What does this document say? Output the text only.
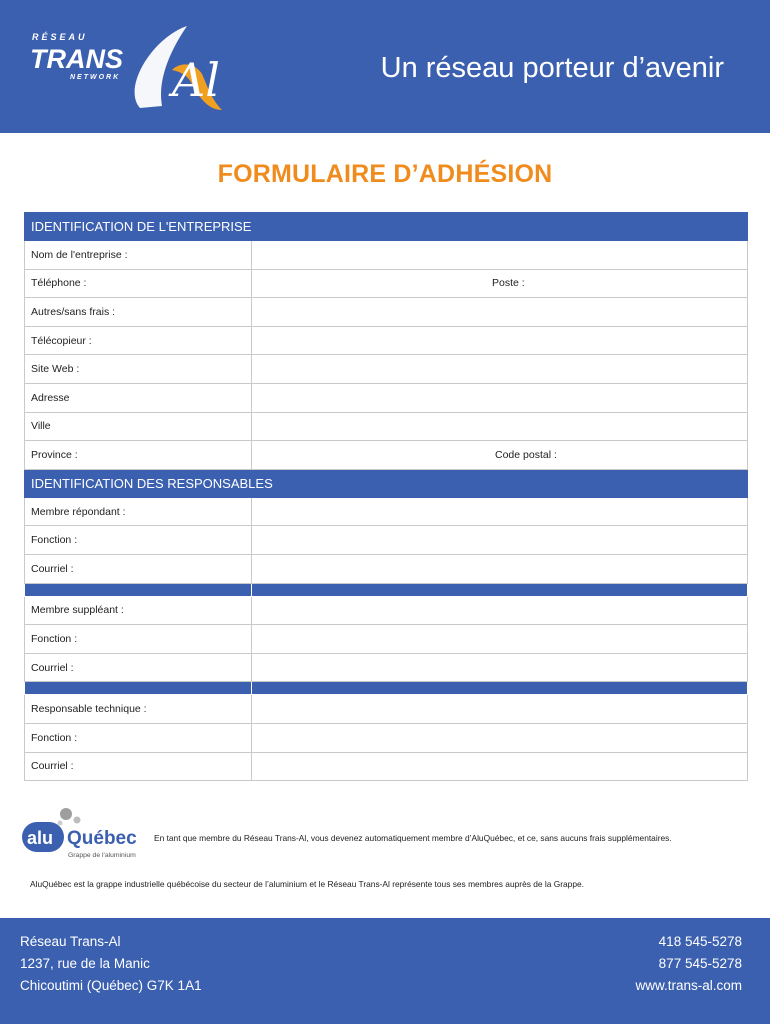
RÉSEAU
TRANS
NETWORK Al	Un réseau porteur d’avenir
FORMULAIRE D’ADHÉSION
IDENTIFICATION DE L'ENTREPRISE	
Nom de l'entreprise :	
Téléphone :	Poste :
Autres/sans frais :	
Télécopieur :	
Site Web :	
Adresse	
Ville	
Province :	Code postal :
IDENTIFICATION DES RESPONSABLES	
Membre répondant :	
Fonction :	
Courriel :	

Membre suppléant :	
Fonction :	
Courriel :	

Responsable technique :	
Fonction :	
Courriel :	
alu Québec
Grappe de l'aluminium
En tant que membre du Réseau Trans-Al, vous devenez automatiquement membre d’AluQuébec, et ce, sans aucuns frais supplémentaires.
AluQuébec est la grappe industrielle québécoise du secteur de l’aluminium et le Réseau Trans-Al représente tous ses membres auprès de la Grappe.
Réseau Trans-Al
1237, rue de la Manic
Chicoutimi (Québec) G7K 1A1
418 545-5278
877 545-5278
www.trans-al.com
